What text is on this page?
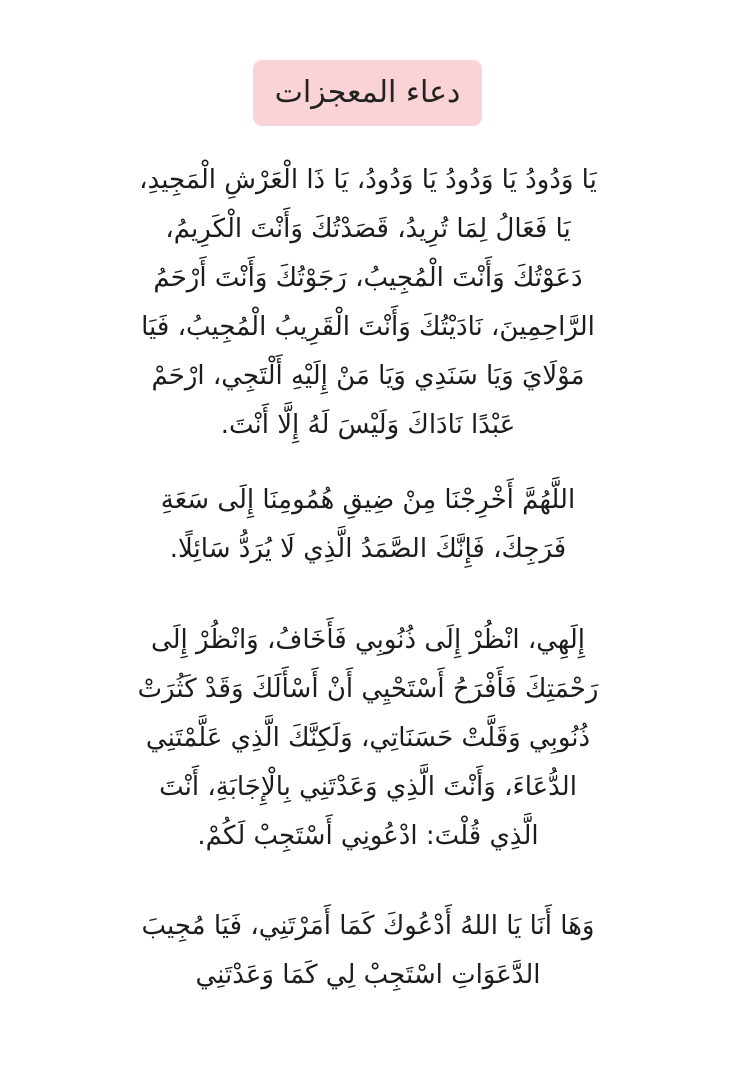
دعاء المعجزات
يَا وَدُودُ يَا وَدُودُ يَا وَدُودُ، يَا ذَا الْعَرْشِ الْمَجِيدِ،
يَا فَعَالُ لِمَا تُرِيدُ، قَصَدْتُكَ وَأَنْتَ الْكَرِيمُ،
دَعَوْتُكَ وَأَنْتَ الْمُجِيبُ، رَجَوْتُكَ وَأَنْتَ أَرْحَمُ
الرَّاحِمِينَ، نَادَيْتُكَ وَأَنْتَ الْقَرِيبُ الْمُجِيبُ، فَيَا
مَوْلَايَ وَيَا سَنَدِي وَيَا مَنْ إِلَيْهِ أَلْتَجِي، ارْحَمْ
عَبْدًا نَادَاكَ وَلَيْسَ لَهُ إِلَّا أَنْتَ.
اللَّهُمَّ أَخْرِجْنَا مِنْ ضِيقِ هُمُومِنَا إِلَى سَعَةِ
فَرَجِكَ، فَإِنَّكَ الصَّمَدُ الَّذِي لَا يُرَدُّ سَائِلًا.
إِلَهِي، انْظُرْ إِلَى ذُنُوبِي فَأَخَافُ، وَانْظُرْ إِلَى
رَحْمَتِكَ فَأَفْرَحُ أَسْتَحْيِي أَنْ أَسْأَلَكَ وَقَدْ كَثُرَتْ
ذُنُوبِي وَقَلَّتْ حَسَنَاتِي، وَلَكِنَّكَ الَّذِي عَلَّمْتَنِي
الدُّعَاءَ، وَأَنْتَ الَّذِي وَعَدْتَنِي بِالْإِجَابَةِ، أَنْتَ
الَّذِي قُلْتَ: ادْعُونِي أَسْتَجِبْ لَكُمْ.
وَهَا أَنَا يَا اللهُ أَدْعُوكَ كَمَا أَمَرْتَنِي، فَيَا مُجِيبَ
الدَّعَوَاتِ اسْتَجِبْ لِي كَمَا وَعَدْتَنِي
